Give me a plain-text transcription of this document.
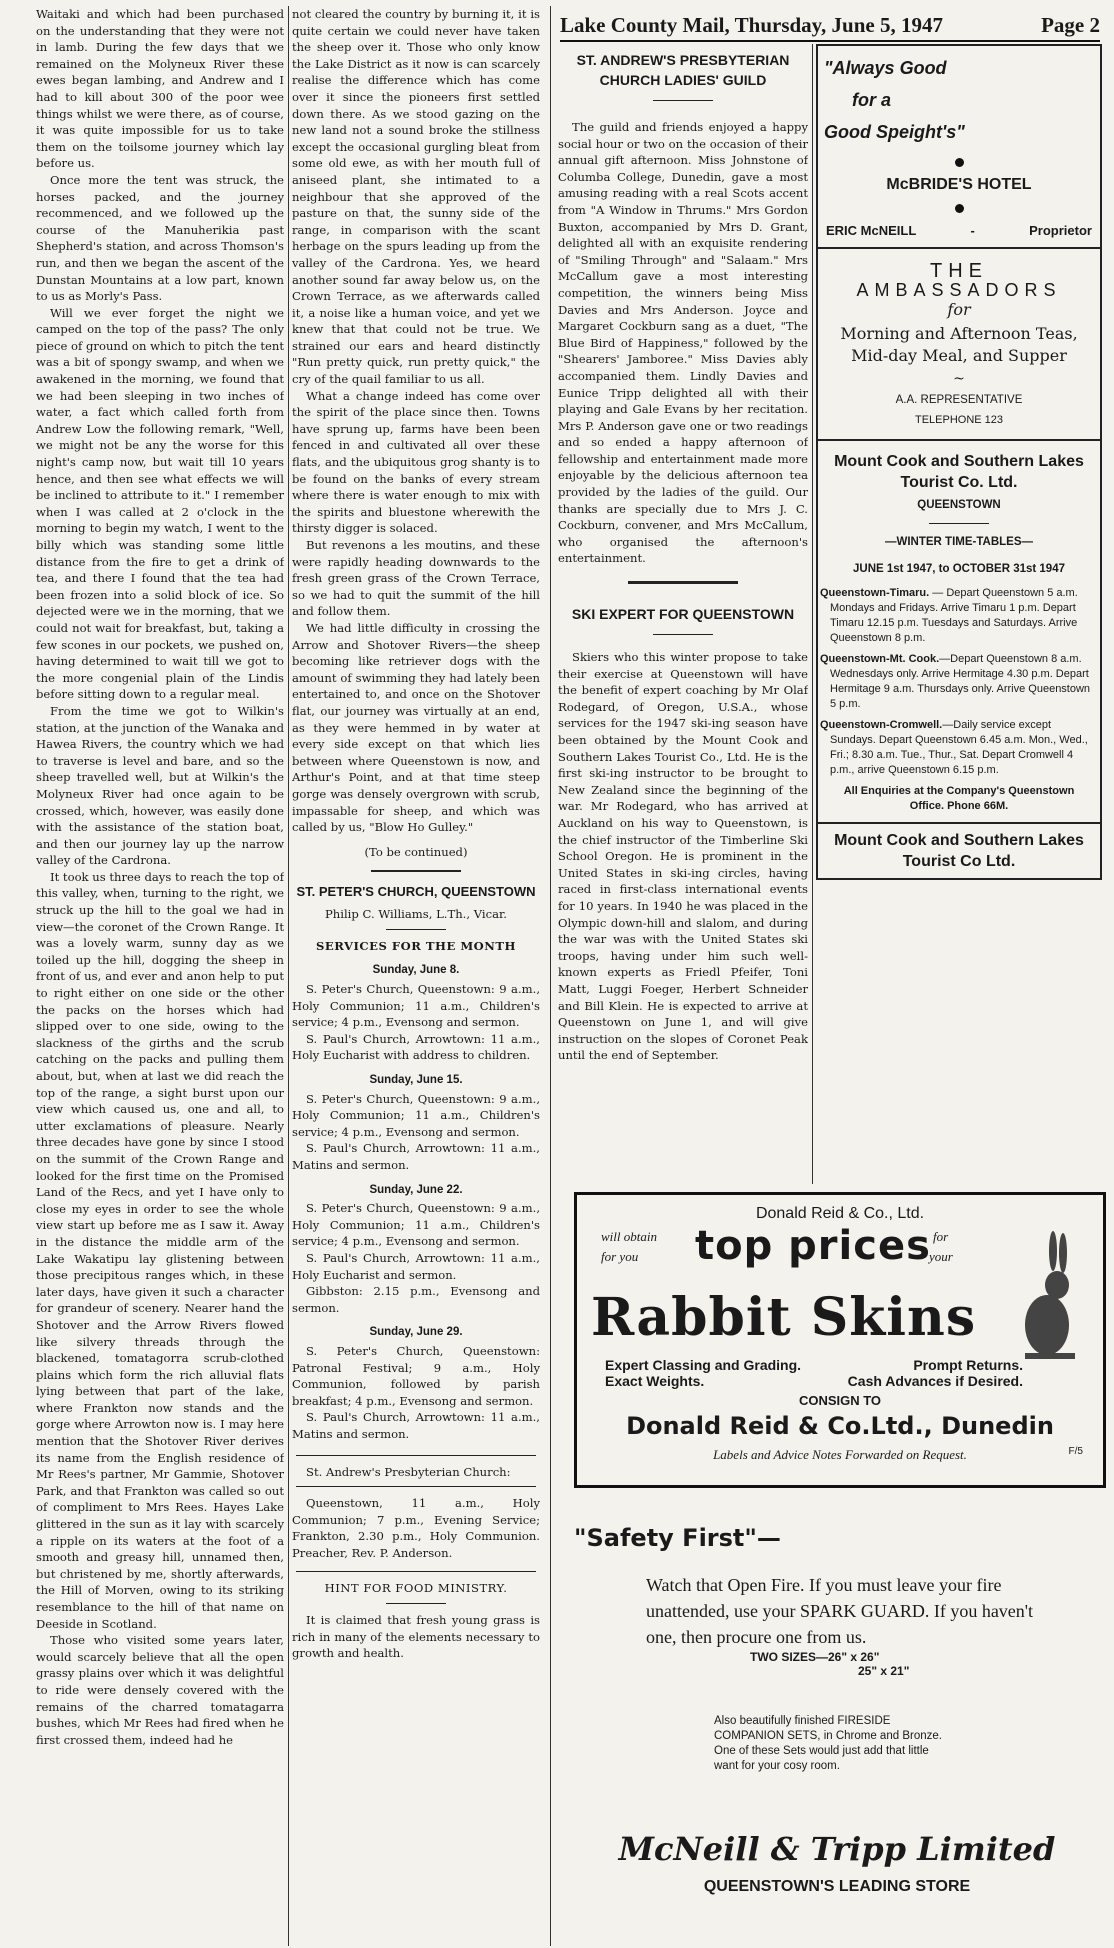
Lake County Mail, Thursday, June 5, 1947	Page 2

Waitaki and which had been purchased on the understanding that they were not in lamb. During the few days that we remained on the Molyneux River these ewes began lambing, and Andrew and I had to kill about 300 of the poor wee things whilst we were there, as of course, it was quite impossible for us to take them on the toilsome journey which lay before us.

Once more the tent was struck, the horses packed, and the journey recommenced, and we followed up the course of the Manuherikia past Shepherd's station, and across Thomson's run, and then we began the ascent of the Dunstan Mountains at a low part, known to us as Morly's Pass.

Will we ever forget the night we camped on the top of the pass? The only piece of ground on which to pitch the tent was a bit of spongy swamp, and when we awakened in the morning, we found that we had been sleeping in two inches of water, a fact which called forth from Andrew Low the following remark, "Well, we might not be any the worse for this night's camp now, but wait till 10 years hence, and then see what effects we will be inclined to attribute to it." I remember when I was called at 2 o'clock in the morning to begin my watch, I went to the billy which was standing some little distance from the fire to get a drink of tea, and there I found that the tea had been frozen into a solid block of ice. So dejected were we in the morning, that we could not wait for breakfast, but, taking a few scones in our pockets, we pushed on, having determined to wait till we got to the more congenial plain of the Lindis before sitting down to a regular meal.

From the time we got to Wilkin's station, at the junction of the Wanaka and Hawea Rivers, the country which we had to traverse is level and bare, and so the sheep travelled well, but at Wilkin's the Molyneux River had once again to be crossed, which, however, was easily done with the assistance of the station boat, and then our journey lay up the narrow valley of the Cardrona.

It took us three days to reach the top of this valley, when, turning to the right, we struck up the hill to the goal we had in view—the coronet of the Crown Range. It was a lovely warm, sunny day as we toiled up the hill, dogging the sheep in front of us, and ever and anon help to put to right either on one side or the other the packs on the horses which had slipped over to one side, owing to the slackness of the girths and the scrub catching on the packs and pulling them about, but, when at last we did reach the top of the range, a sight burst upon our view which caused us, one and all, to utter exclamations of pleasure. Nearly three decades have gone by since I stood on the summit of the Crown Range and looked for the first time on the Promised Land of the Recs, and yet I have only to close my eyes in order to see the whole view start up before me as I saw it. Away in the distance the middle arm of the Lake Wakatipu lay glistening between those precipitous ranges which, in these later days, have given it such a character for grandeur of scenery. Nearer hand the Shotover and the Arrow Rivers flowed like silvery threads through the blackened, tomatagorra scrub-clothed plains which form the rich alluvial flats lying between that part of the lake, where Frankton now stands and the gorge where Arrowton now is. I may here mention that the Shotover River derives its name from the English residence of Mr Rees's partner, Mr Gammie, Shotover Park, and that Frankton was called so out of compliment to Mrs Rees. Hayes Lake glittered in the sun as it lay with scarcely a ripple on its waters at the foot of a smooth and greasy hill, unnamed then, but christened by me, shortly afterwards, the Hill of Morven, owing to its striking resemblance to the hill of that name on Deeside in Scotland.

Those who visited some years later, would scarcely believe that all the open grassy plains over which it was delightful to ride were densely covered with the remains of the charred tomatagarra bushes, which Mr Rees had fired when he first crossed them, indeed had he

not cleared the country by burning it, it is quite certain we could never have taken the sheep over it. Those who only know the Lake District as it now is can scarcely realise the difference which has come over it since the pioneers first settled down there. As we stood gazing on the new land not a sound broke the stillness except the occasional gurgling bleat from some old ewe, as with her mouth full of aniseed plant, she intimated to a neighbour that she approved of the pasture on that, the sunny side of the range, in comparison with the scant herbage on the spurs leading up from the valley of the Cardrona. Yes, we heard another sound far away below us, on the Crown Terrace, as we afterwards called it, a noise like a human voice, and yet we knew that that could not be true. We strained our ears and heard distinctly "Run pretty quick, run pretty quick," the cry of the quail familiar to us all.

What a change indeed has come over the spirit of the place since then. Towns have sprung up, farms have been been fenced in and cultivated all over these flats, and the ubiquitous grog shanty is to be found on the banks of every stream where there is water enough to mix with the spirits and bluestone wherewith the thirsty digger is solaced.

But revenons a les moutins, and these were rapidly heading downwards to the fresh green grass of the Crown Terrace, so we had to quit the summit of the hill and follow them.

We had little difficulty in crossing the Arrow and Shotover Rivers—the sheep becoming like retriever dogs with the amount of swimming they had lately been entertained to, and once on the Shotover flat, our journey was virtually at an end, as they were hemmed in by water at every side except on that which lies between where Queenstown is now, and Arthur's Point, and at that time steep gorge was densely overgrown with scrub, impassable for sheep, and which was called by us, "Blow Ho Gulley."

(To be continued)

ST. PETER'S CHURCH, QUEENSTOWN

Philip C. Williams, L.Th., Vicar.

SERVICES FOR THE MONTH

Sunday, June 8.

S. Peter's Church, Queenstown: 9 a.m., Holy Communion; 11 a.m., Children's service; 4 p.m., Evensong and sermon.

S. Paul's Church, Arrowtown: 11 a.m., Holy Eucharist with address to children.

Sunday, June 15.

S. Peter's Church, Queenstown: 9 a.m., Holy Communion; 11 a.m., Children's service; 4 p.m., Evensong and sermon.

S. Paul's Church, Arrowtown: 11 a.m., Matins and sermon.

Sunday, June 22.

S. Peter's Church, Queenstown: 9 a.m., Holy Communion; 11 a.m., Children's service; 4 p.m., Evensong and sermon.

S. Paul's Church, Arrowtown: 11 a.m., Holy Eucharist and sermon.

Gibbston: 2.15 p.m., Evensong and sermon.

Sunday, June 29.

S. Peter's Church, Queenstown: Patronal Festival; 9 a.m., Holy Communion, followed by parish breakfast; 4 p.m., Evensong and sermon.

S. Paul's Church, Arrowtown: 11 a.m., Matins and sermon.

St. Andrew's Presbyterian Church:

Queenstown, 11 a.m., Holy Communion; 7 p.m., Evening Service; Frankton, 2.30 p.m., Holy Communion. Preacher, Rev. P. Anderson.

HINT FOR FOOD MINISTRY.

It is claimed that fresh young grass is rich in many of the elements necessary to growth and health.

ST. ANDREW'S PRESBYTERIAN CHURCH LADIES' GUILD

The guild and friends enjoyed a happy social hour or two on the occasion of their annual gift afternoon. Miss Johnstone of Columba College, Dunedin, gave a most amusing reading with a real Scots accent from "A Window in Thrums." Mrs Gordon Buxton, accompanied by Mrs D. Grant, delighted all with an exquisite rendering of "Smiling Through" and "Salaam." Mrs McCallum gave a most interesting competition, the winners being Miss Davies and Mrs Anderson. Joyce and Margaret Cockburn sang as a duet, "The Blue Bird of Happiness," followed by the "Shearers' Jamboree." Miss Davies ably accompanied them. Lindly Davies and Eunice Tripp delighted all with their playing and Gale Evans by her recitation. Mrs P. Anderson gave one or two readings and so ended a happy afternoon of fellowship and entertainment made more enjoyable by the delicious afternoon tea provided by the ladies of the guild. Our thanks are specially due to Mrs J. C. Cockburn, convener, and Mrs McCallum, who organised the afternoon's entertainment.

SKI EXPERT FOR QUEENSTOWN

Skiers who this winter propose to take their exercise at Queenstown will have the benefit of expert coaching by Mr Olaf Rodegard, of Oregon, U.S.A., whose services for the 1947 ski-ing season have been obtained by the Mount Cook and Southern Lakes Tourist Co., Ltd. He is the first ski-ing instructor to be brought to New Zealand since the beginning of the war. Mr Rodegard, who has arrived at Auckland on his way to Queenstown, is the chief instructor of the Timberline Ski School Oregon. He is prominent in the United States in ski-ing circles, having raced in first-class international events for 10 years. In 1940 he was placed in the Olympic down-hill and slalom, and during the war was with the United States ski troops, having under him such well-known experts as Friedl Pfeifer, Toni Matt, Luggi Foeger, Herbert Schneider and Bill Klein. He is expected to arrive at Queenstown on June 1, and will give instruction on the slopes of Coronet Peak until the end of September.

"Always Good
for a
Good Speight's"
McBRIDE'S HOTEL
ERIC McNEILL	-	Proprietor
THE
AMBASSADORS
for
Morning and Afternoon Teas,
Mid-day Meal, and Supper
~
A.A. REPRESENTATIVE
TELEPHONE 123
Mount Cook and Southern Lakes Tourist Co. Ltd.
QUEENSTOWN
—WINTER TIME-TABLES—
JUNE 1st 1947, to OCTOBER 31st 1947
Queenstown-Timaru. — Depart Queenstown 5 a.m. Mondays and Fridays. Arrive Timaru 1 p.m. Depart Timaru 12.15 p.m. Tuesdays and Saturdays. Arrive Queenstown 8 p.m.
Queenstown-Mt. Cook.—Depart Queenstown 8 a.m. Wednesdays only. Arrive Hermitage 4.30 p.m. Depart Hermitage 9 a.m. Thursdays only. Arrive Queenstown 5 p.m.
Queenstown-Cromwell.—Daily service except Sundays. Depart Queenstown 6.45 a.m. Mon., Wed., Fri.; 8.30 a.m. Tue., Thur., Sat. Depart Cromwell 4 p.m., arrive Queenstown 6.15 p.m.
All Enquiries at the Company's Queenstown Office. Phone 66M.
Mount Cook and Southern Lakes Tourist Co Ltd.
Donald Reid & Co., Ltd.
will obtain
for you top prices for
your
Rabbit Skins
Expert Classing and Grading.	Prompt Returns.
Exact Weights.	Cash Advances if Desired.
CONSIGN TO
Donald Reid & Co.Ltd., Dunedin
Labels and Advice Notes Forwarded on Request.	F/5
"Safety First"—
Watch that Open Fire. If you must leave your fire unattended, use your SPARK GUARD. If you haven't one, then procure one from us.
TWO SIZES—26" x 26"
25" x 21"
Also beautifully finished FIRESIDE COMPANION SETS, in Chrome and Bronze. One of these Sets would just add that little want for your cosy room.
McNeill & Tripp Limited
QUEENSTOWN'S LEADING STORE
